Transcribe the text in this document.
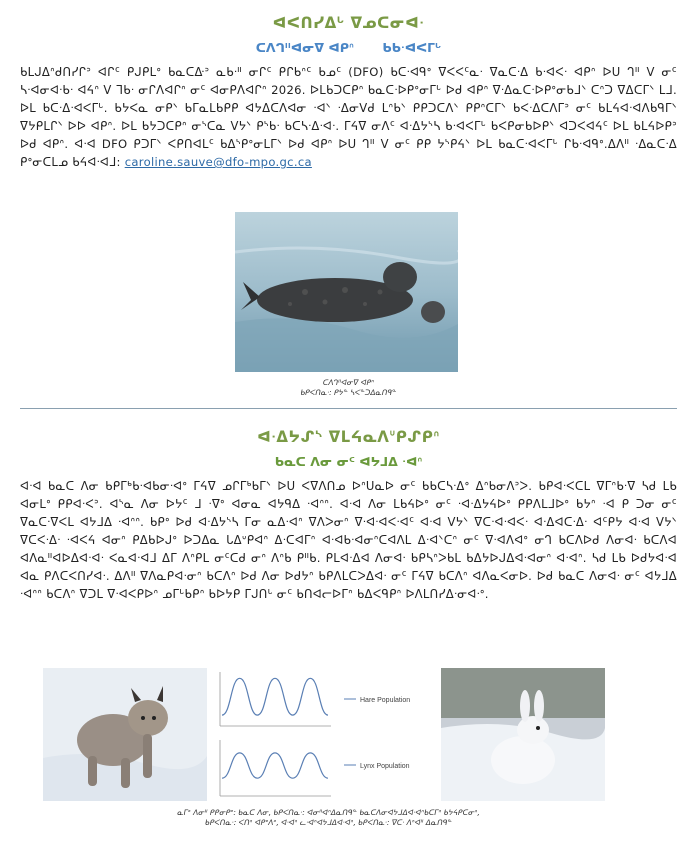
ᐊᐸᑎᓯᐃᒡ ᐁᓄᑕᓂᐊᐧ
ᑕᐱᒉᐦᐊᓂᐁ ᐊᑭᐢ ᑲᑲᐧᐊᐸᒥᒡ

ᑲᒪᒍᐃᐢᑯᑎᓯᒋᐣ ᐊᒋᑦ ᑭᒍᑭᒪᐤ ᑲᓇᑕᐏᐣ ᓇᑲᐧᐦ ᓂᒋᑦ ᑭᒋᑲᐢᑦ ᑲᓄᑦ (DFO) ᑲᑕᐧᐊᑫᐤ ᐁᐸᐸᑦᓇᐧ ᐁᓇᑕᐧᐃ ᑲᐧᐊᐸᐧ ᐊᑭᐢ ᐅᑌ ᒉᐦ ᐯ ᓂᑦ ᓴᐧᐊᓂᐊᐧᑲᐧ ᐊᔦᐢ ᐯ ᒣᑲᐧ ᓂᒋᐱᐊᒋᐢ ᓂᑦ ᐊᓂᑭᐱᐊᒋᐢ 2026. ᐅᒪᑲᑐᑕᑭᐢ ᑲᓇᑕᐧᐅᑭᐤᓂᒥᒡ ᐅᑯ ᐊᑭᐢ ᐁᐧᐃᓇᑕᐧᐅᑭᐤᓂᑲᒧᐠ ᑕᐢᑐ ᐁᐃᑕᒥᐠ ᒪᒧ. ᐅᒪ ᑲᑕᐧᐃᐧᐊᐸᒥᒡ. ᑲᔭᐸᓇ ᓂᑭᐠ ᑲᒥᓇᒪᑲᑭᑭ ᐊᔭᐃᑕᐱᐊᓂ ᐧᐊᐠ ᐧᐃᓂᐯᑯ ᒪᐢᑲᐠ ᑭᑭᑐᑕᐱᐠ ᑭᑭᐢᑕᒥᐠ ᑲᐸᐧᐃᑕᐱᒥᐣ ᓂᑦ ᑲᒪᔦᐊᐧᐊᐱᑲᑫᒥᐠ ᐁᔭᑭᒪᒋᐠ ᐅᐅ ᐊᑭᐢ. ᐅᒪ ᑲᔭᑐᑕᑭᐢ ᓂᔅᑕᓇ ᐯᔭᐠ ᑭᔅᑲᐧ ᑲᑕᓴᐧᐃᐧᐊᐧ. ᒥᔦᐁ ᓂᐱᑦ ᐊᐧᐃᔭᔅᓴ ᑲᐧᐊᐸᒥᒡ ᑲᐸᑭᓂᑲᐅᑭᐠ ᐊᑐᐸᐊᔦᑦ ᐅᒪ ᑲᒪᔦᐅᑭᐣ ᐅᑯ ᐊᑭᐢ. ᐊᐧᐊ DFO ᑭᑐᒥᐠ ᐸᑭᑎᐊᒪᑦ ᑲᐃᔅᑭᐤᓂᒪᒥᐠ ᐅᑯ ᐊᑭᐢ ᐅᑌ ᒉᐦ ᐯ ᓂᑦ ᑭᑭ ᔭᔅᑭᔦᐠ ᐅᒪ ᑲᓇᑕᐧᐊᐸᒥᒡ ᒋᑲᐧᐊᑫᐤ.ᐃᐱᐦ ᐧᐃᓇᑕᐧᐃ ᑭᐤᓂᑕᒪᓄ ᑲᔦᐊᐧᐊᒧ: caroline.sauve@dfo-mpo.gc.ca

ᑕᐱᒉᐦᐊᓂᐁ ᐊᑭᐢ
ᑲᑭᐸᑎᓇᐧ: ᑭᔭᓐ ᓴᐸᓐᑐᐃᓇᑎᑫᓐ
ᐊᐧᐃᔭᔑᔅ ᐁᒪᔦᓇᐱᐡᑭᔑᑭᐢ
ᑲᓇᑕ ᐱᓂ ᓂᑦ ᐊᔭᒧᐃ ᐧᐊᐢ

ᐊᐧᐊ ᑲᓇᑕ ᐱᓂ ᑲᑭᒥᒃᑲᐧᐊᑲᓂᐧᐊᐤ ᒥᔦᐁ ᓄᒋᒥᒃᑲᒥᐠ ᐅᑌ ᐸᐁᐱᑎᓄ ᐅᐢᑌᓇᐅ ᓂᑦ ᑲᑲᑕᓴᐧᐃᐤ ᐃᐢᑲᓂᐱᐣᐳ. ᑲᑭᐊᐧᐸᑕᒪ ᐁᒥᐢᑲᐧᐁ ᓴᑯ ᒪᑲ ᐊᓂᒪᐤ ᑭᑭᐊᐧᐸᐣ. ᐊᔅᓇ ᐱᓂ ᐅᔭᑦ ᒧ ᐧᐁᐤ ᐊᓂᓇ ᐊᔭᑫᐃ ᐧᐊᐢᐢ. ᐊᐧᐊ ᐱᓂ ᒪᑲᔦᐅᐤ ᓂᑦ ᐧᐊᐧᐃᔭᔦᐅᐤ ᑭᑭᐱᒪᒧᐅᐤ ᑲᔭᐢ ᐧᐊ ᑭ ᑐᓂ ᓂᑦ ᐁᓇᑕᐧᐁᐸᒪ ᐊᔭᒧᐃ ᐧᐊᐢᐢ. ᑲᑭᐤ ᐅᑯ ᐊᐧᐃᔭᔅᓴ ᒥᓂ ᓇᐃᐧᐊᐢ ᐁᐱᐳᓂᐢ ᐁᐧᐊᐧᐊᐸᐧᐊᑦ ᐊᐧᐊ ᐯᔭᐠ ᐁᑕᐧᐊᐧᐊᐸᐧ ᐊᐧᐃᐊᑕᐧᐃᐧ ᐊᑦᑭᔭ ᐊᐧᐊ ᐯᔭᐠ ᐁᑕᐸᐧᐃᐧ ᐧᐊᐸᔦ ᐊᓂᐢ ᑭᐃᑲᐅᒍᐤ ᐅᑐᐃᓇ ᒐᐃᐡᑭᐊᐢ ᐃᐧᑕᐊᒥᐢ ᐊᐧᐊᑲᐧᐊᓂᐢᑕᐊᐱᒪ ᐃᐧᐊᐠᑕᐢ ᓂᑦ ᐁᐧᐊᐱᐊᐤ ᓂᒉ ᑲᑕᐱᐅᑯ ᐱᓂᐊᐧ ᑲᑕᐱᐊ ᐊᐱᓇᐦᐊᐅᐃᐊᐧᐊᐧ ᐸᓇᐊᐧᐊᒧ ᐃᒥ ᐱᐢᑭᒪ ᓂᑦᑕᑯ ᓂᐢ ᐱᐢᑲ ᑭᐦᑲ. ᑭᒪᐊᐧᐃᐊ ᐱᓂᐊᐧ ᑲᑭᓴᐢᐳᑲᒪ ᑲᐃᔭᐅᒍᐃᐊᐧᐊᓂᐢ ᐊᐧᐊᐢ. ᓴᑯ ᒪᑲ ᐅᑯᔭᐊᐧᐊ ᐊᓇ ᑭᐱᑕᐸᑎᓯᐊᐧ. ᐃᐱᐦ ᐁᐱᓇᑭᐊᐧᓂᐢ ᑲᑕᐱᐢ ᐅᑯ ᐱᓂ ᐅᑯᔭᐢ ᑲᑭᐱᒪᑕᐳᐃᐊᐧ ᓂᑦ ᒥᔦᐁ ᑲᑕᐱᐢ ᐊᐱᓇᐸᓂᐅ. ᐅᑯ ᑲᓇᑕ ᐱᓂᐊᐧ ᓂᑦ ᐊᔭᒧᐃ ᐧᐊᐢᐢ ᑲᑕᐱᐢ ᐁᑐᒪ ᐁᐧᐊᐸᑭᐅᐢ ᓄᒥᒡᑲᑭᐢ ᑲᐅᔭᑭ ᒥᒍᑎᒡ ᓂᑦ ᑲᑎᐊᓕᐅᒥᐢ ᑲᐃᐸᑫᑭᐢ ᐅᐱᒪᑎᓯᐃᐧᓂᐊᐧᐤ.

Hare Population
Lynx Population
ᓇᒥᐣ ᐱᓂᐦ ᑭᑭᓂᑭᐣ: ᑲᓇᑕ ᐱᓂ, ᑲᑭᐸᑎᓇᐧ: ᐊᓂᐦᐊᐢᐃᓇᑎᑫᓐ ᑲᓇᑕᐱᓂᐊᔭᒧᐃᐊᐧᐊᐢᑲᑕᒥᐢ ᑲᔭᔦᑭᑕᓂᐢ,
ᑲᑭᐸᑎᓇᐧ: ᐸᑎᐢ ᐊᑭᐤᐱᐣ, ᐊᐧᐊᐢ ᓚᐧᐊᐢᐊᔭᒧᐃᐊᐧᐊᐢ, ᑲᑭᐸᑎᓇᐧ: ᐁᑕᐧ ᐱᐢᐊᐦ ᐃᓇᑎᑫᓐ
